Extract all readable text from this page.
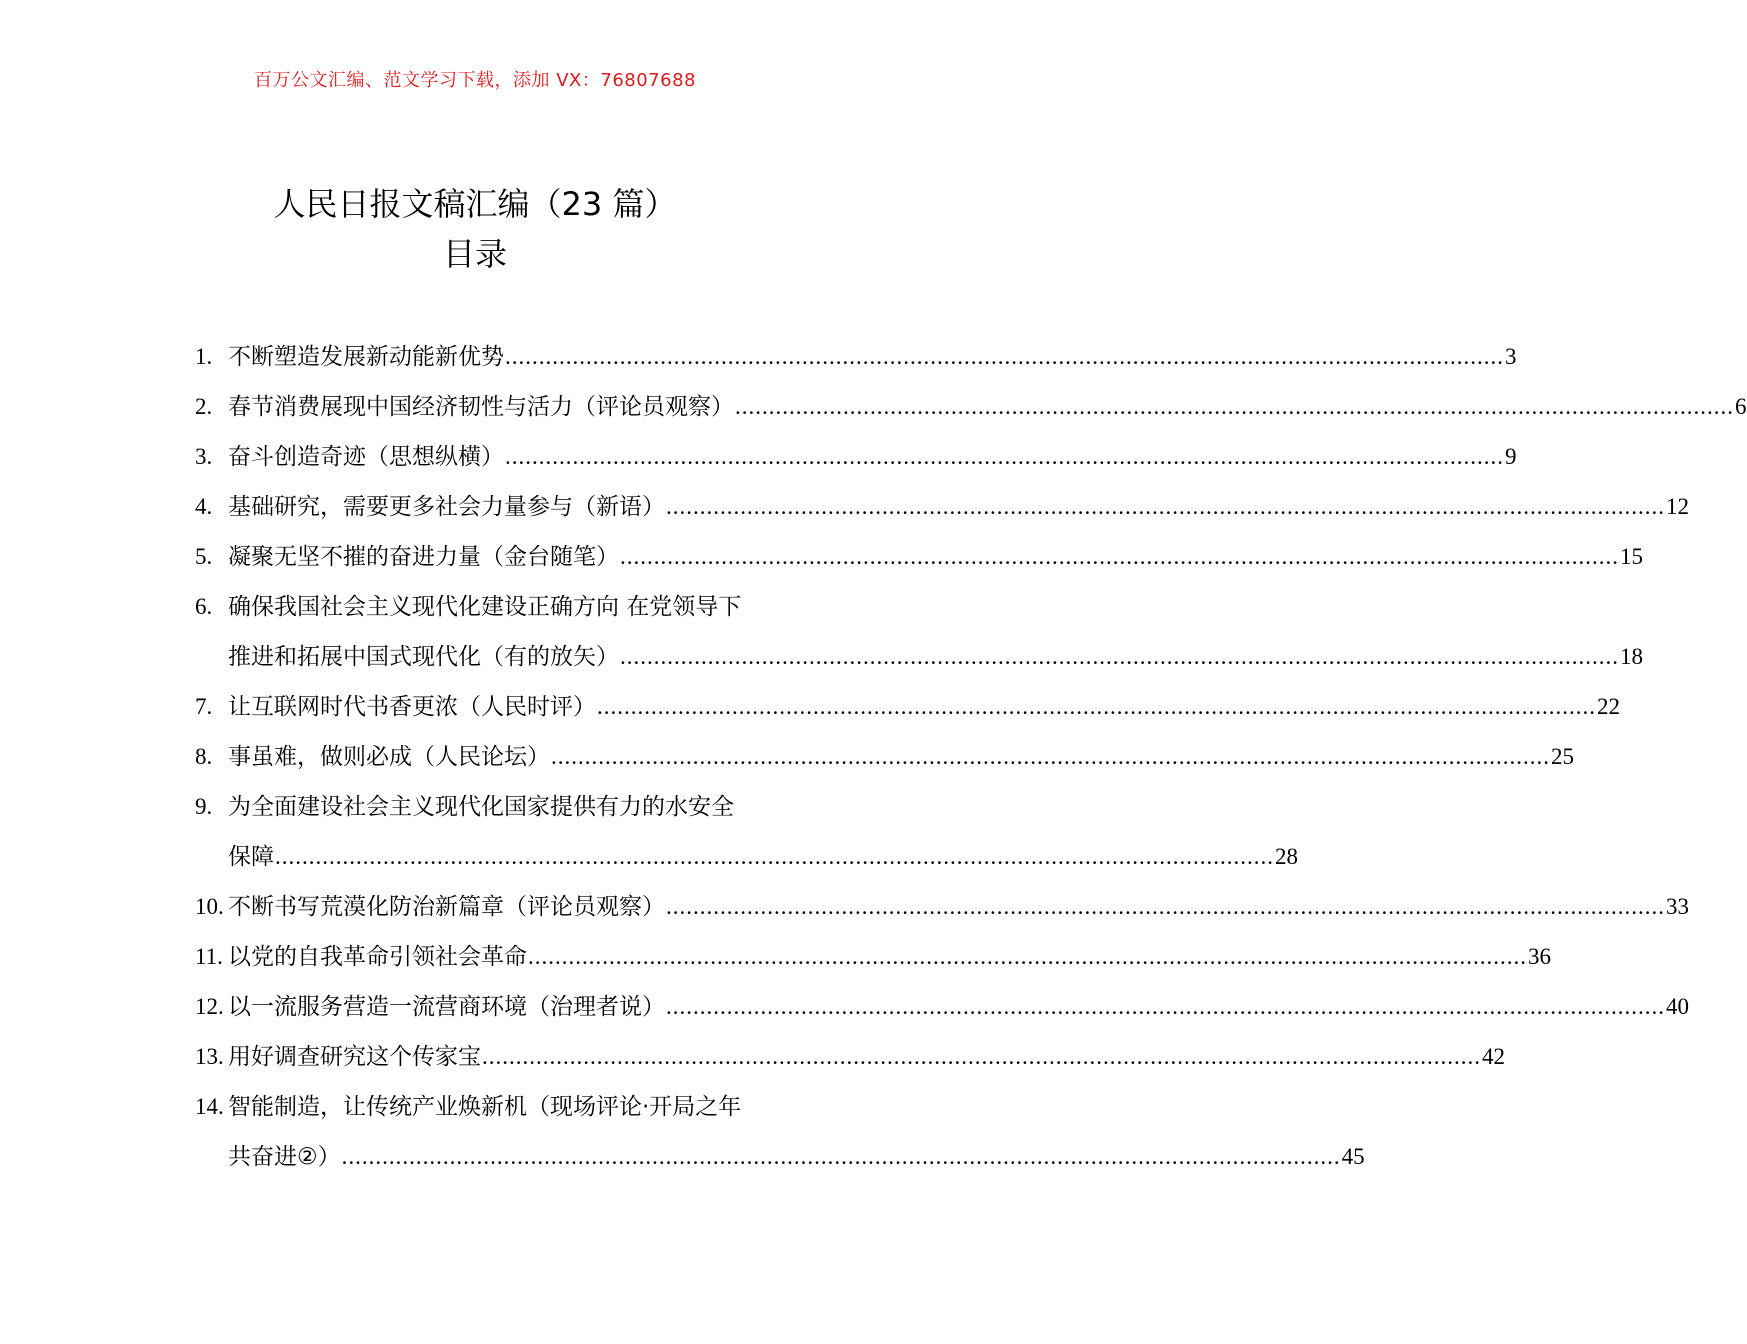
百万公文汇编、范文学习下载，添加 VX：76807688
人民日报文稿汇编（23 篇）
目录
1. 不断塑造发展新动能新优势 .................................................................................................................................................... 3
2. 春节消费展现中国经济韧性与活力（评论员观察） .................................................................................................................................................... 6
3. 奋斗创造奇迹（思想纵横） .................................................................................................................................................... 9
4. 基础研究，需要更多社会力量参与（新语） .................................................................................................................................................... 12
5. 凝聚无坚不摧的奋进力量（金台随笔） .................................................................................................................................................... 15
6. 确保我国社会主义现代化建设正确方向 在党领导下
推进和拓展中国式现代化（有的放矢） .................................................................................................................................................... 18
7. 让互联网时代书香更浓（人民时评） .................................................................................................................................................... 22
8. 事虽难，做则必成（人民论坛） .................................................................................................................................................... 25
9. 为全面建设社会主义现代化国家提供有力的水安全
保障 .................................................................................................................................................... 28
10. 不断书写荒漠化防治新篇章（评论员观察） .................................................................................................................................................... 33
11. 以党的自我革命引领社会革命 .................................................................................................................................................... 36
12. 以一流服务营造一流营商环境（治理者说） .................................................................................................................................................... 40
13. 用好调查研究这个传家宝 .................................................................................................................................................... 42
14. 智能制造，让传统产业焕新机（现场评论·开局之年
共奋进②） .................................................................................................................................................... 45
